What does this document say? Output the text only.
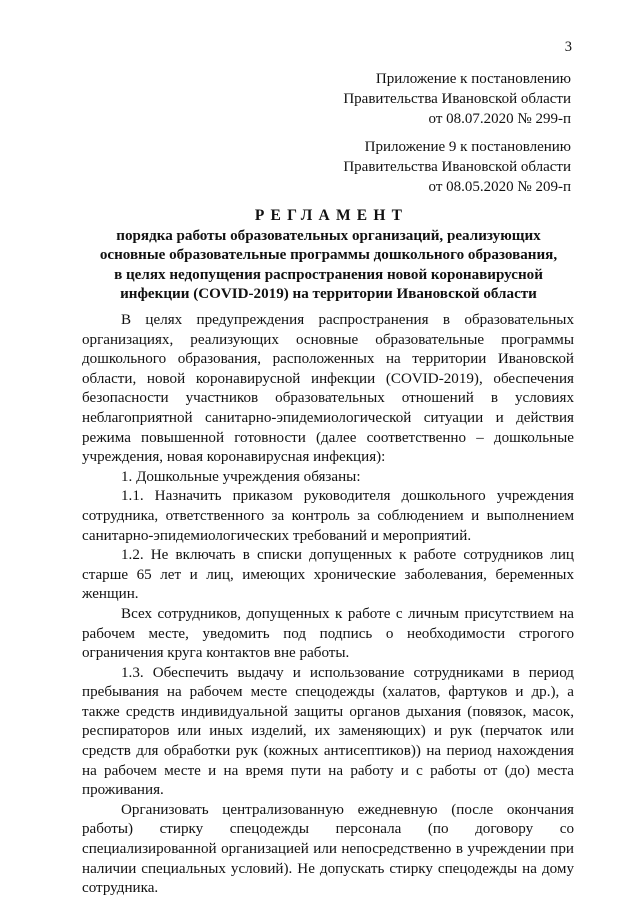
3
Приложение к постановлению
Правительства Ивановской области
от 08.07.2020 № 299-п
Приложение 9 к постановлению
Правительства Ивановской области
от 08.05.2020 № 209-п
РЕГЛАМЕНТ
порядка работы образовательных организаций, реализующих
основные образовательные программы дошкольного образования,
в целях недопущения распространения новой коронавирусной
инфекции (COVID-2019) на территории Ивановской области

В целях предупреждения распространения в образовательных организациях, реализующих основные образовательные программы дошкольного образования, расположенных на территории Ивановской области, новой коронавирусной инфекции (COVID-2019), обеспечения безопасности участников образовательных отношений в условиях неблагоприятной санитарно-эпидемиологической ситуации и действия режима повышенной готовности (далее соответственно – дошкольные учреждения, новая коронавирусная инфекция):

1. Дошкольные учреждения обязаны:

1.1. Назначить приказом руководителя дошкольного учреждения сотрудника, ответственного за контроль за соблюдением и выполнением санитарно-эпидемиологических требований и мероприятий.

1.2. Не включать в списки допущенных к работе сотрудников лиц старше 65 лет и лиц, имеющих хронические заболевания, беременных женщин.

Всех сотрудников, допущенных к работе с личным присутствием на рабочем месте, уведомить под подпись о необходимости строгого ограничения круга контактов вне работы.

1.3. Обеспечить выдачу и использование сотрудниками в период пребывания на рабочем месте спецодежды (халатов, фартуков и др.), а также средств индивидуальной защиты органов дыхания (повязок, масок, респираторов или иных изделий, их заменяющих) и рук (перчаток или средств для обработки рук (кожных антисептиков)) на период нахождения на рабочем месте и на время пути на работу и с работы от (до) места проживания.

Организовать централизованную ежедневную (после окончания работы) стирку спецодежды персонала (по договору со специализированной организацией или непосредственно в учреждении при наличии специальных условий). Не допускать стирку спецодежды на дому сотрудника.
